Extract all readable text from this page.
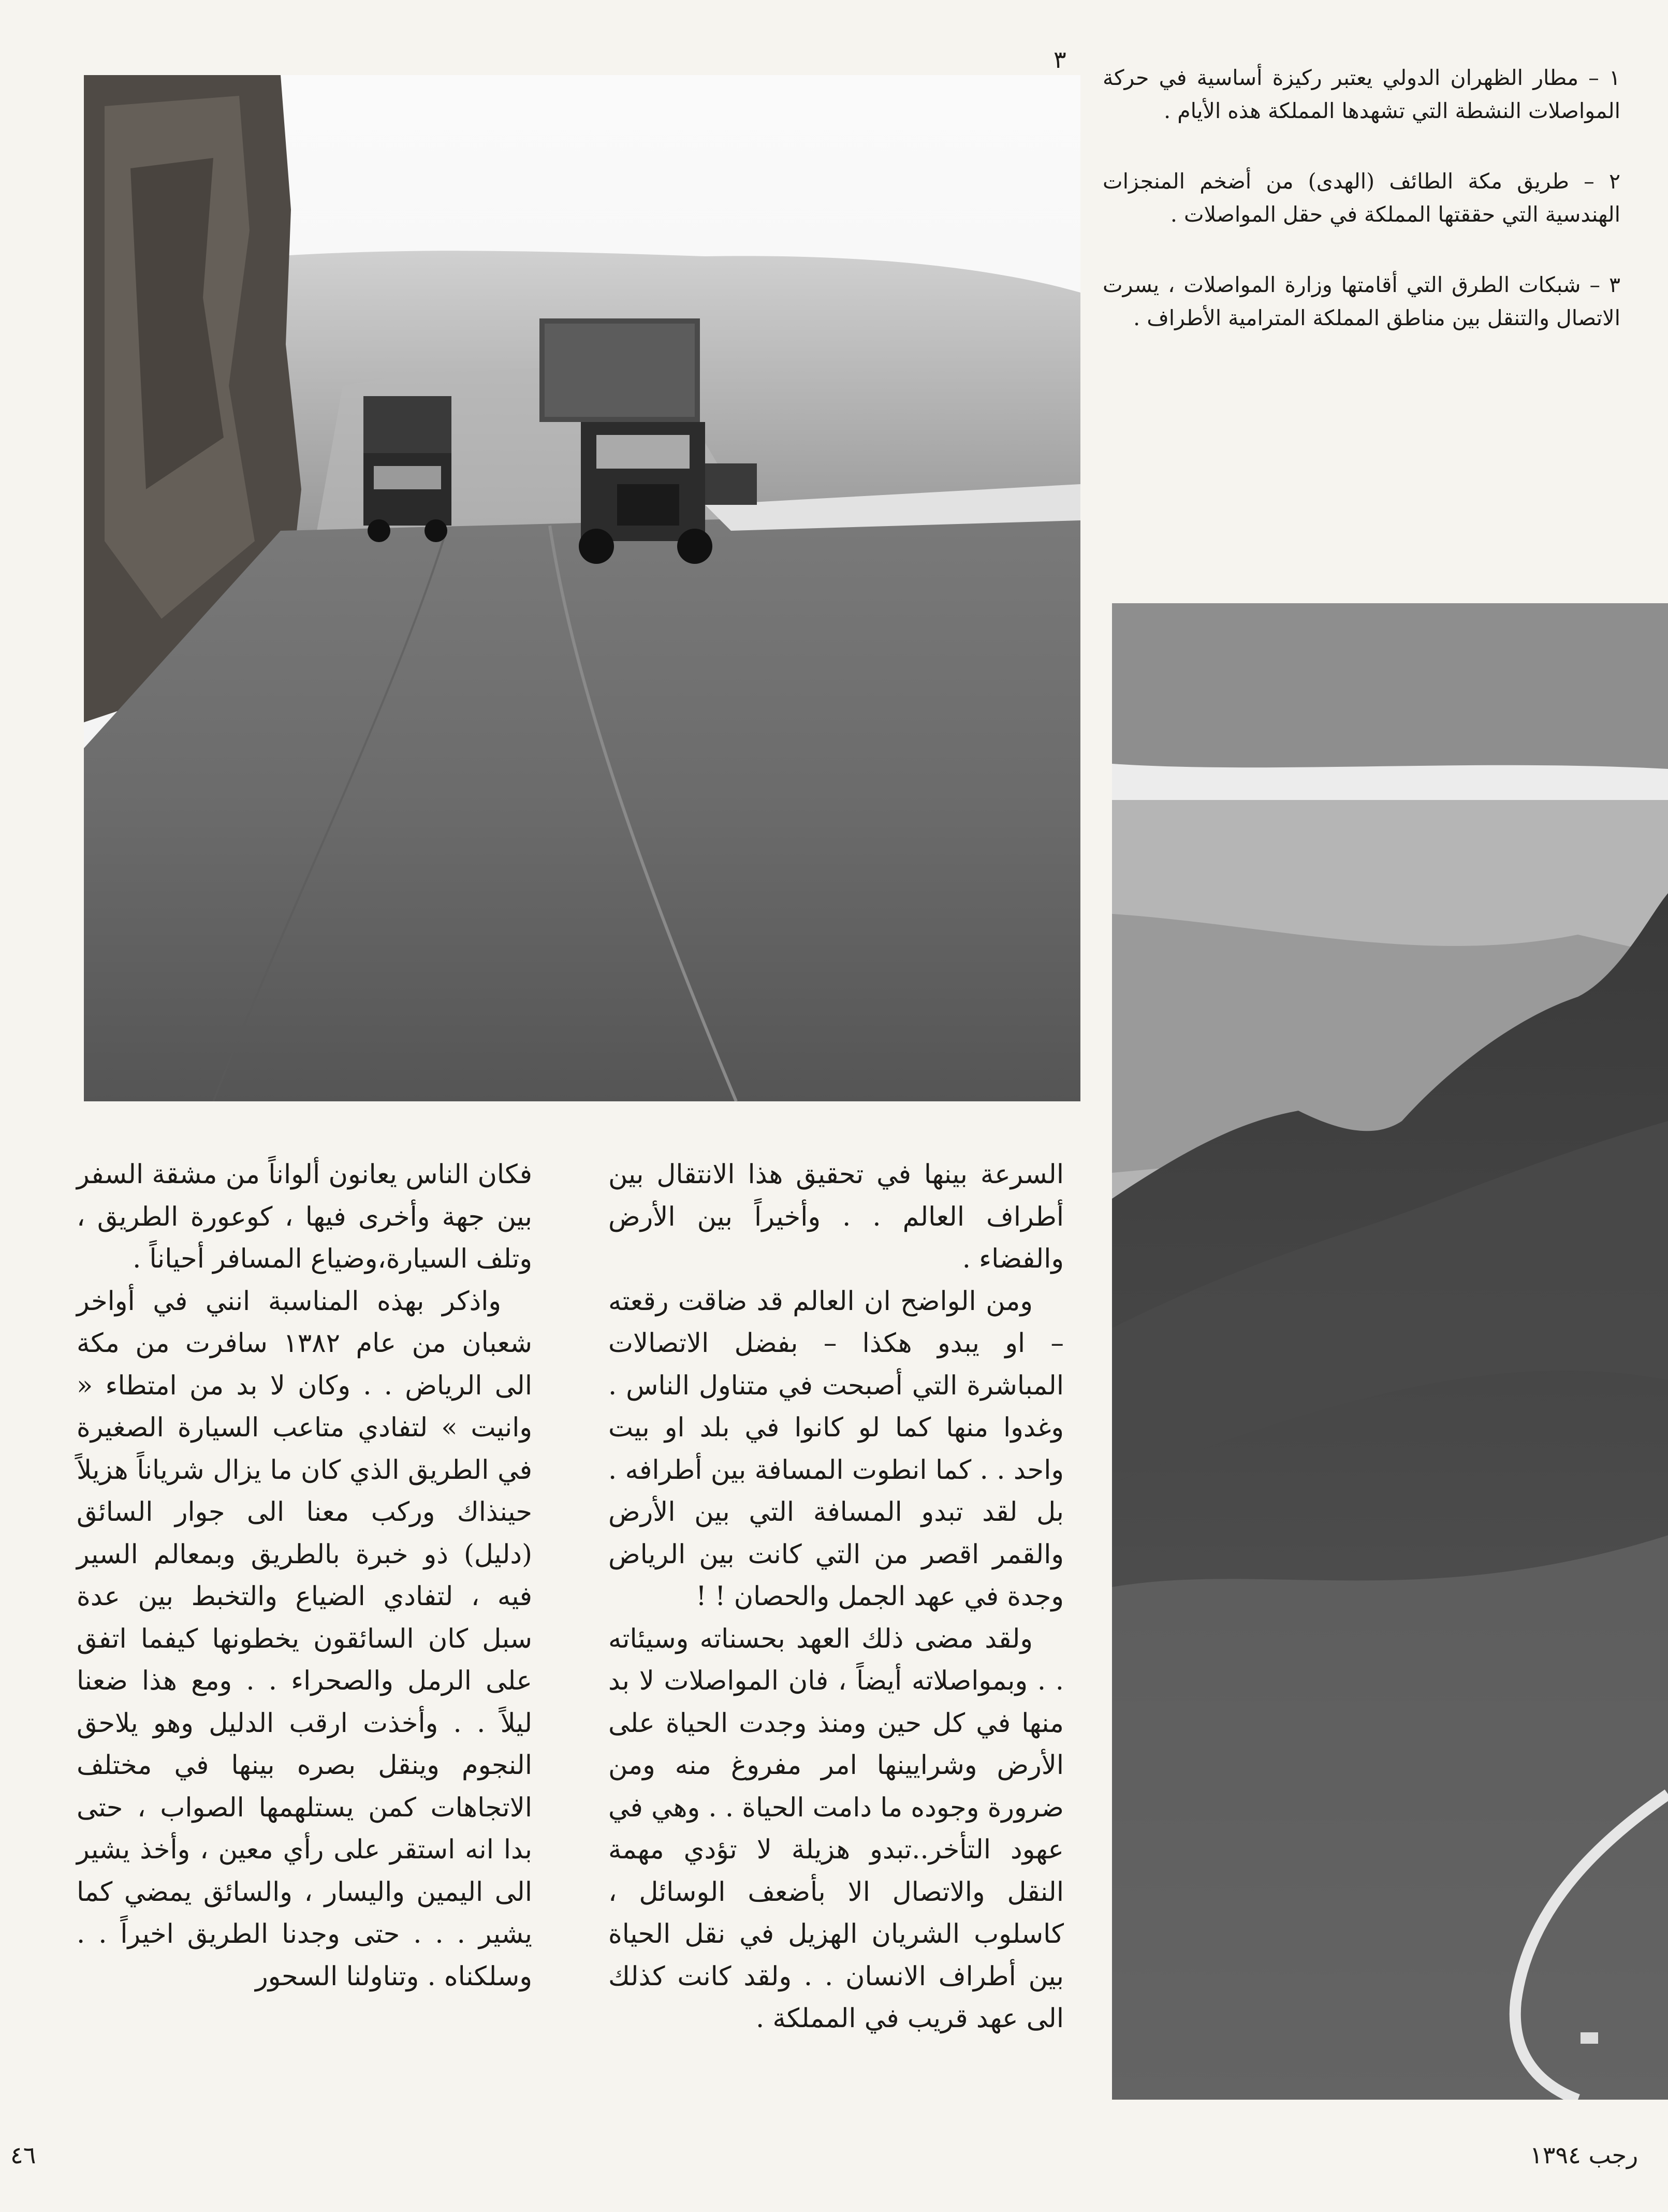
٣

١ – مطار الظهران الدولي يعتبر ركيزة أساسية في حركة المواصلات النشطة التي تشهدها المملكة هذه الأيام .

٢ – طريق مكة الطائف (الهدى) من أضخم المنجزات الهندسية التي حققتها المملكة في حقل المواصلات .

٣ – شبكات الطرق التي أقامتها وزارة المواصلات ، يسرت الاتصال والتنقل بين مناطق المملكة المترامية الأطراف .

السرعة بينها في تحقيق هذا الانتقال بين أطراف العالم . . وأخيراً بين الأرض والفضاء .

ومن الواضح ان العالم قد ضاقت رقعته – او يبدو هكذا – بفضل الاتصالات المباشرة التي أصبحت في متناول الناس . وغدوا منها كما لو كانوا في بلد او بيت واحد . . كما انطوت المسافة بين أطرافه . بل لقد تبدو المسافة التي بين الأرض والقمر اقصر من التي كانت بين الرياض وجدة في عهد الجمل والحصان ! !

ولقد مضى ذلك العهد بحسناته وسيئاته . . وبمواصلاته أيضاً ، فان المواصلات لا بد منها في كل حين ومنذ وجدت الحياة على الأرض وشرايينها امر مفروغ منه ومن ضرورة وجوده ما دامت الحياة . . وهي في عهود التأخر..تبدو هزيلة لا تؤدي مهمة النقل والاتصال الا بأضعف الوسائل ، كاسلوب الشريان الهزيل في نقل الحياة بين أطراف الانسان . . ولقد كانت كذلك الى عهد قريب في المملكة .

فكان الناس يعانون ألواناً من مشقة السفر بين جهة وأخرى فيها ، كوعورة الطريق ، وتلف السيارة،وضياع المسافر أحياناً .

واذكر بهذه المناسبة انني في أواخر شعبان من عام ١٣٨٢ سافرت من مكة الى الرياض . . وكان لا بد من امتطاء « وانيت » لتفادي متاعب السيارة الصغيرة في الطريق الذي كان ما يزال شرياناً هزيلاً حينذاك وركب معنا الى جوار السائق (دليل) ذو خبرة بالطريق وبمعالم السير فيه ، لتفادي الضياع والتخبط بين عدة سبل كان السائقون يخطونها كيفما اتفق على الرمل والصحراء . . ومع هذا ضعنا ليلاً . . وأخذت ارقب الدليل وهو يلاحق النجوم وينقل بصره بينها في مختلف الاتجاهات كمن يستلهمها الصواب ، حتى بدا انه استقر على رأي معين ، وأخذ يشير الى اليمين واليسار ، والسائق يمضي كما يشير . . . حتى وجدنا الطريق اخيراً . . وسلكناه . وتناولنا السحور

٤٦	رجب ١٣٩٤
